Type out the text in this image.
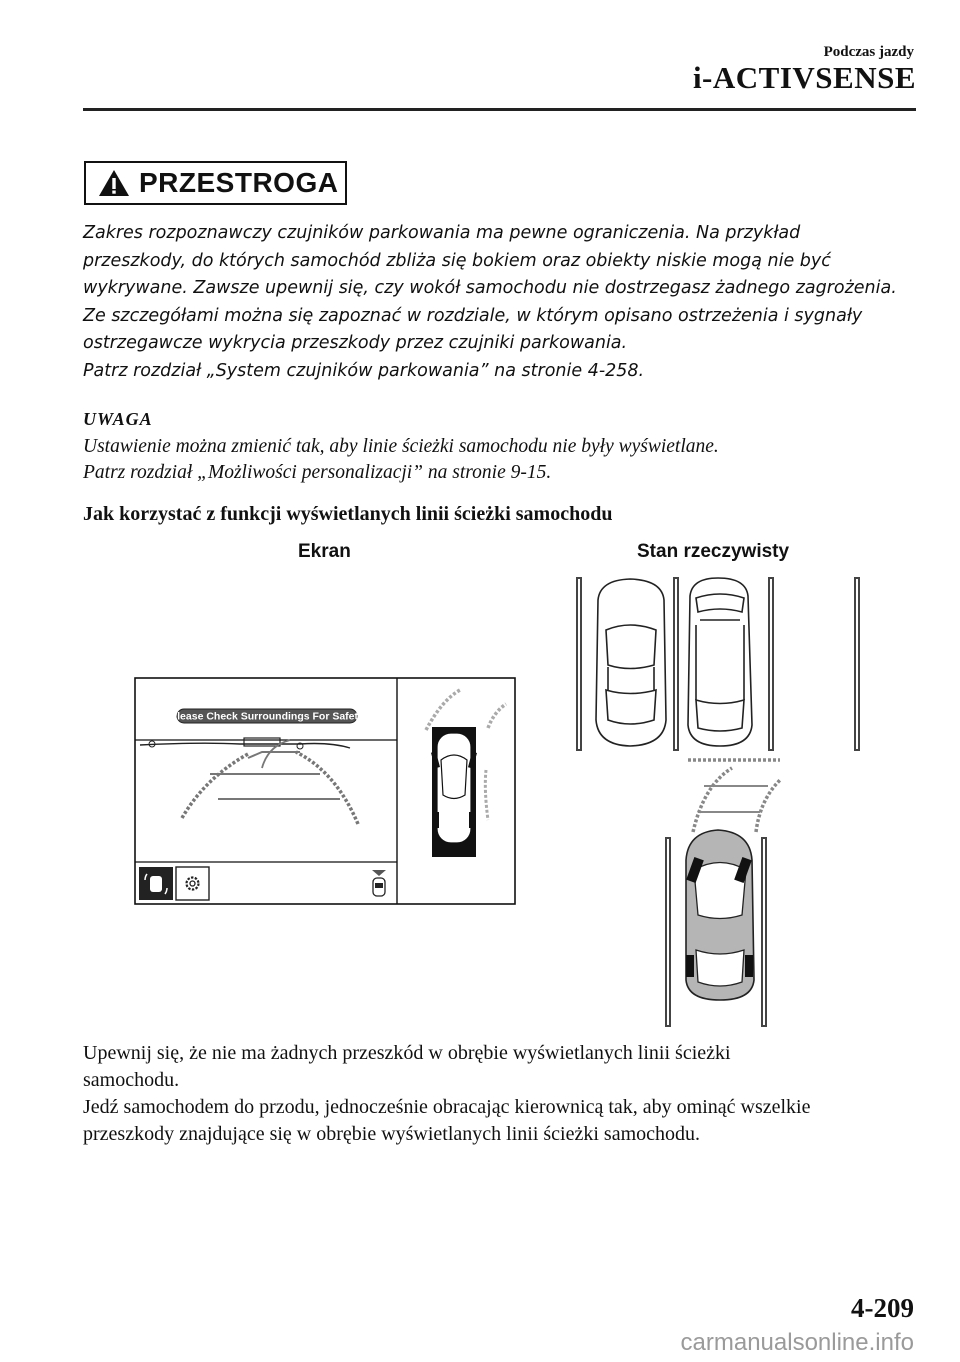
Podczas jazdy
i-ACTIVSENSE
PRZESTROGA
Zakres rozpoznawczy czujników parkowania ma pewne ograniczenia. Na przykład
przeszkody, do których samochód zbliża się bokiem oraz obiekty niskie mogą nie być
wykrywane. Zawsze upewnij się, czy wokół samochodu nie dostrzegasz żadnego zagrożenia.
Ze szczegółami można się zapoznać w rozdziale, w którym opisano ostrzeżenia i sygnały
ostrzegawcze wykrycia przeszkody przez czujniki parkowania.
Patrz rozdział „System czujników parkowania” na stronie 4-258.
UWAGA
Ustawienie można zmienić tak, aby linie ścieżki samochodu nie były wyświetlane.
Patrz rozdział „Możliwości personalizacji” na stronie 9-15.
Jak korzystać z funkcji wyświetlanych linii ścieżki samochodu
Ekran	Stan rzeczywisty
Please Check Surroundings For Safety
Upewnij się, że nie ma żadnych przeszkód w obrębie wyświetlanych linii ścieżki
samochodu.
Jedź samochodem do przodu, jednocześnie obracając kierownicą tak, aby ominąć wszelkie
przeszkody znajdujące się w obrębie wyświetlanych linii ścieżki samochodu.
4-209
carmanualsonline.info
